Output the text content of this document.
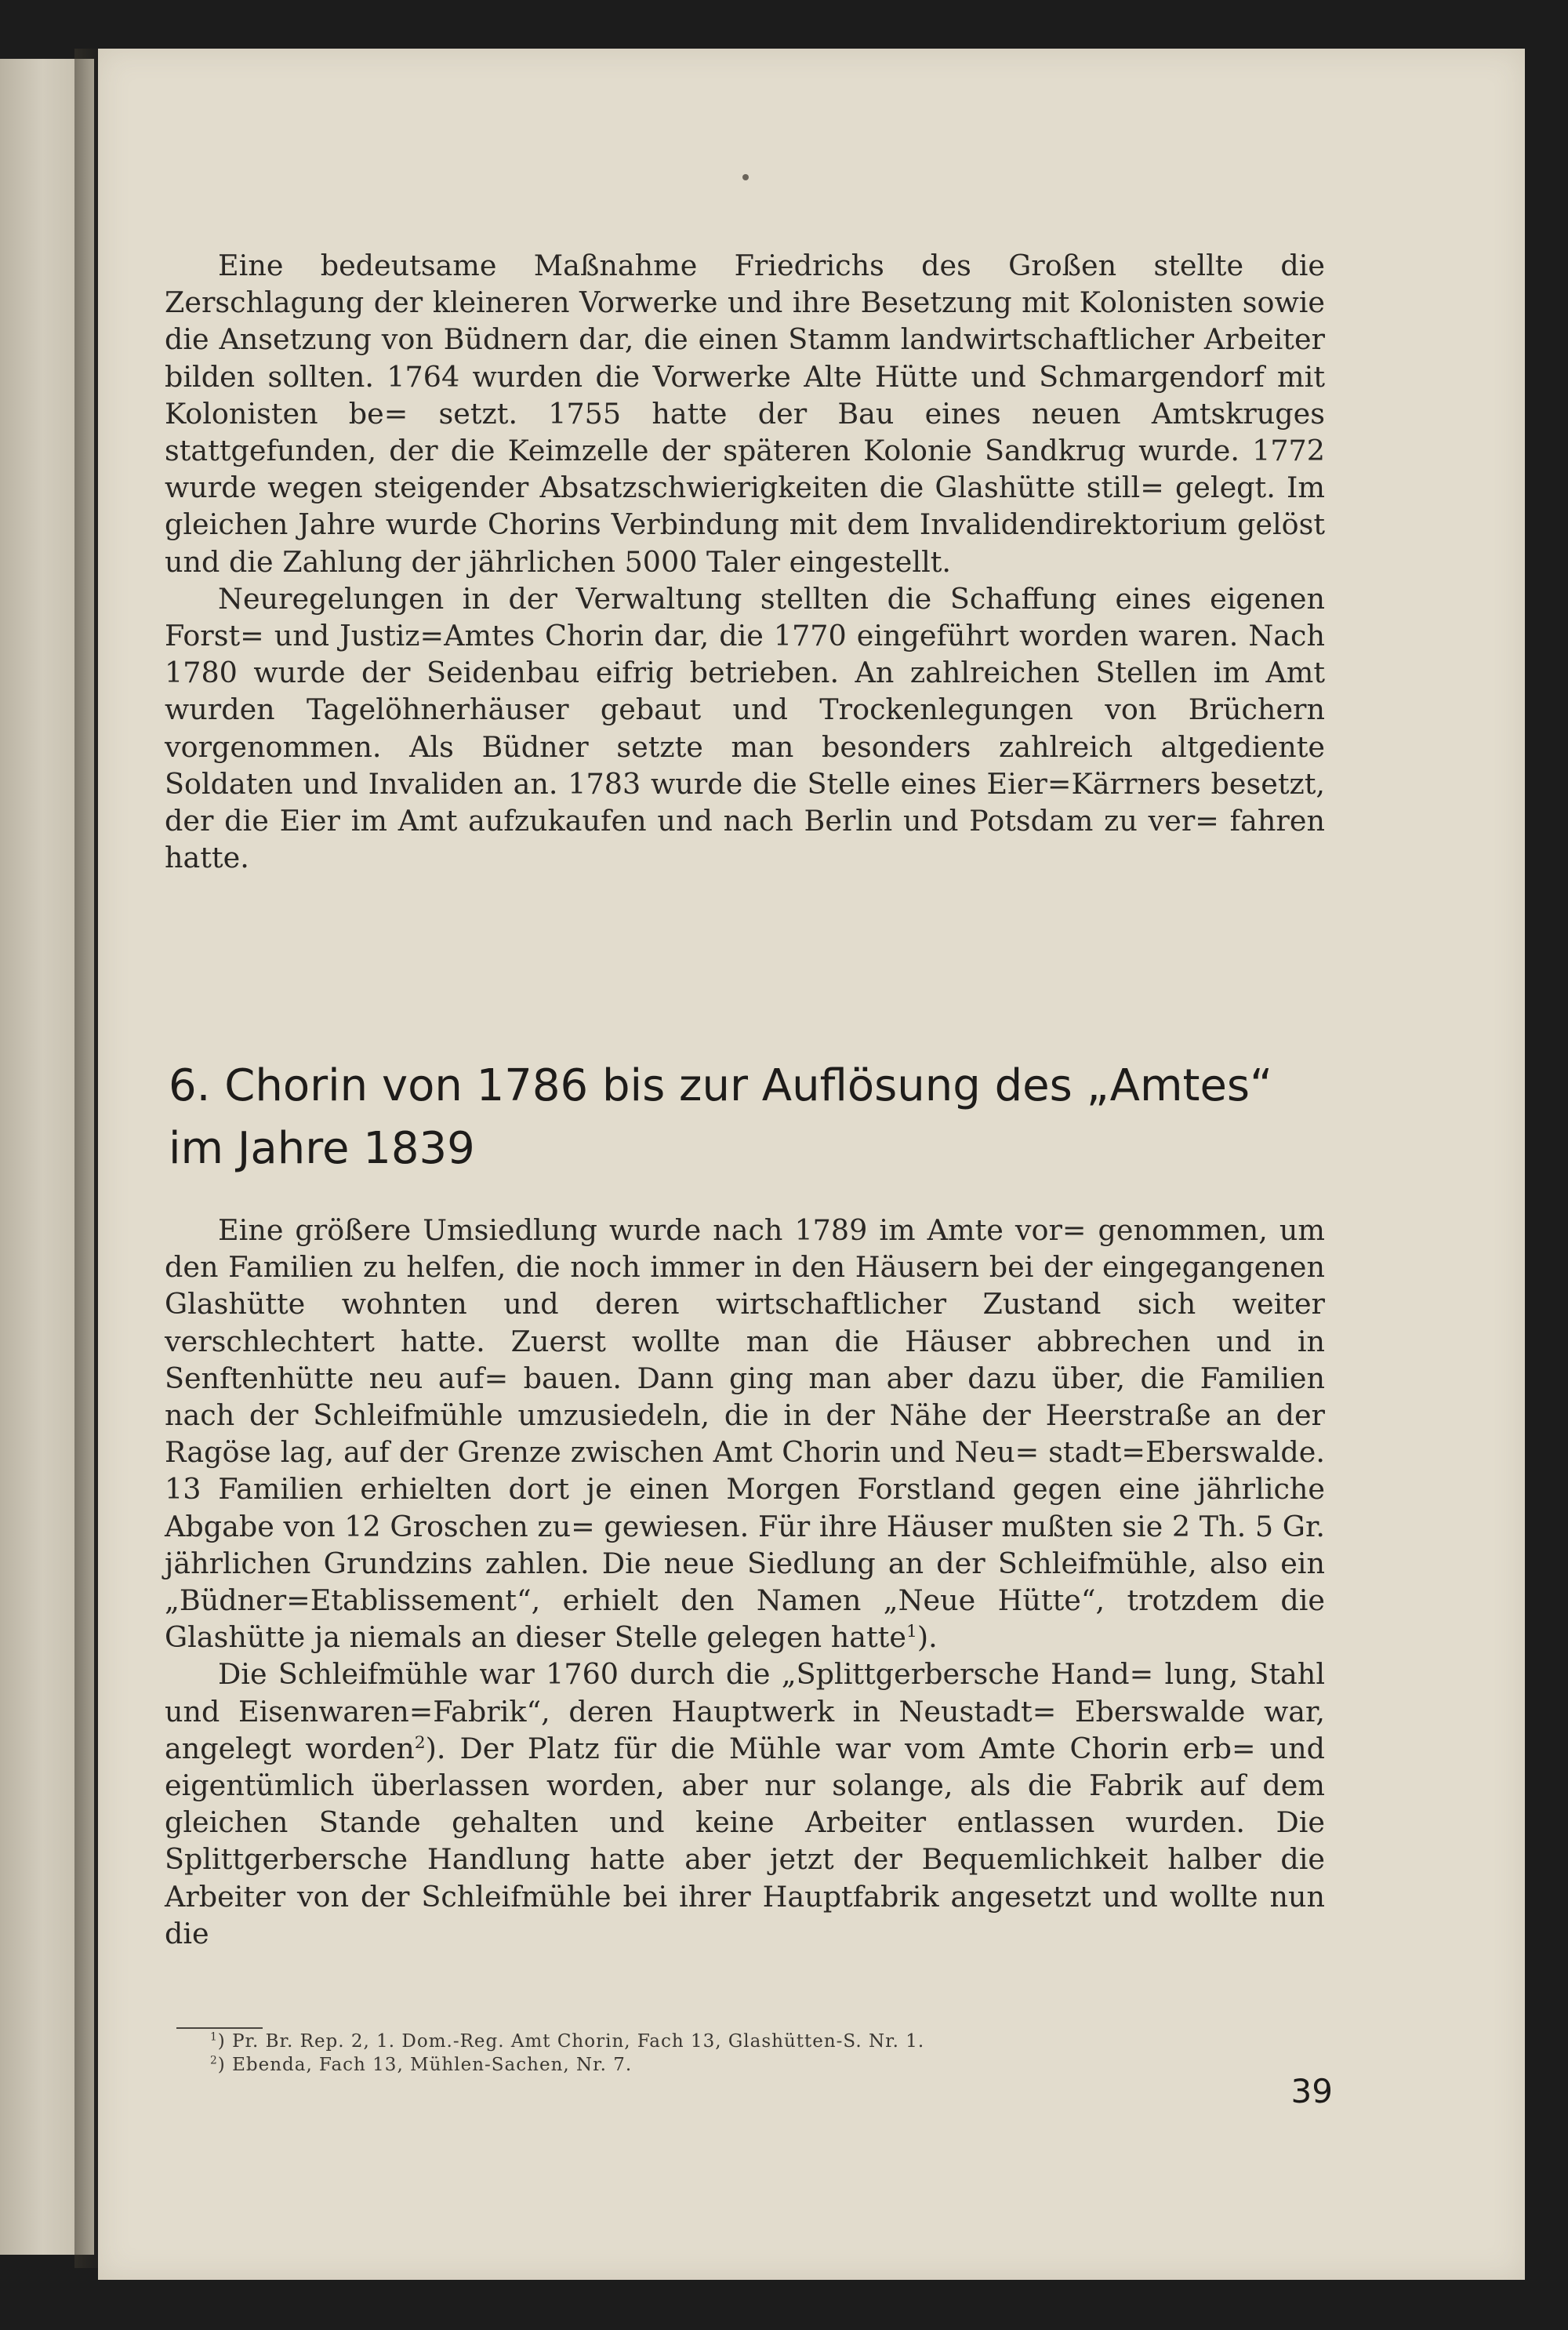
Eine bedeutsame Maßnahme Friedrichs des Großen stellte die Zerschlagung der kleineren Vorwerke und ihre Besetzung mit Kolonisten sowie die Ansetzung von Büdnern dar, die einen Stamm landwirtschaftlicher Arbeiter bilden sollten. 1764 wurden die Vorwerke Alte Hütte und Schmargendorf mit Kolonisten be= setzt. 1755 hatte der Bau eines neuen Amtskruges stattgefunden, der die Keimzelle der späteren Kolonie Sandkrug wurde. 1772 wurde wegen steigender Absatzschwierigkeiten die Glashütte still= gelegt. Im gleichen Jahre wurde Chorins Verbindung mit dem Invalidendirektorium gelöst und die Zahlung der jährlichen 5000 Taler eingestellt.

Neuregelungen in der Verwaltung stellten die Schaffung eines eigenen Forst= und Justiz=Amtes Chorin dar, die 1770 eingeführt worden waren. Nach 1780 wurde der Seidenbau eifrig betrieben. An zahlreichen Stellen im Amt wurden Tagelöhnerhäuser gebaut und Trockenlegungen von Brüchern vorgenommen. Als Büdner setzte man besonders zahlreich altgediente Soldaten und Invaliden an. 1783 wurde die Stelle eines Eier=Kärrners besetzt, der die Eier im Amt aufzukaufen und nach Berlin und Potsdam zu ver= fahren hatte.

6. Chorin von 1786 bis zur Auflösung des „Amtes“
im Jahre 1839

Eine größere Umsiedlung wurde nach 1789 im Amte vor= genommen, um den Familien zu helfen, die noch immer in den Häusern bei der eingegangenen Glashütte wohnten und deren wirtschaftlicher Zustand sich weiter verschlechtert hatte. Zuerst wollte man die Häuser abbrechen und in Senftenhütte neu auf= bauen. Dann ging man aber dazu über, die Familien nach der Schleifmühle umzusiedeln, die in der Nähe der Heerstraße an der Ragöse lag, auf der Grenze zwischen Amt Chorin und Neu= stadt=Eberswalde. 13 Familien erhielten dort je einen Morgen Forstland gegen eine jährliche Abgabe von 12 Groschen zu= gewiesen. Für ihre Häuser mußten sie 2 Th. 5 Gr. jährlichen Grundzins zahlen. Die neue Siedlung an der Schleifmühle, also ein „Büdner=Etablissement“, erhielt den Namen „Neue Hütte“, trotzdem die Glashütte ja niemals an dieser Stelle gelegen hatte$^1$).

Die Schleifmühle war 1760 durch die „Splittgerbersche Hand= lung, Stahl und Eisenwaren=Fabrik“, deren Hauptwerk in Neustadt= Eberswalde war, angelegt worden$^2$). Der Platz für die Mühle war vom Amte Chorin erb= und eigentümlich überlassen worden, aber nur solange, als die Fabrik auf dem gleichen Stande gehalten und keine Arbeiter entlassen wurden. Die Splittgerbersche Handlung hatte aber jetzt der Bequemlichkeit halber die Arbeiter von der Schleifmühle bei ihrer Hauptfabrik angesetzt und wollte nun die

$^1$) Pr. Br. Rep. 2, 1. Dom.-Reg. Amt Chorin, Fach 13, Glashütten-S. Nr. 1.

$^2$) Ebenda, Fach 13, Mühlen-Sachen, Nr. 7.

39
